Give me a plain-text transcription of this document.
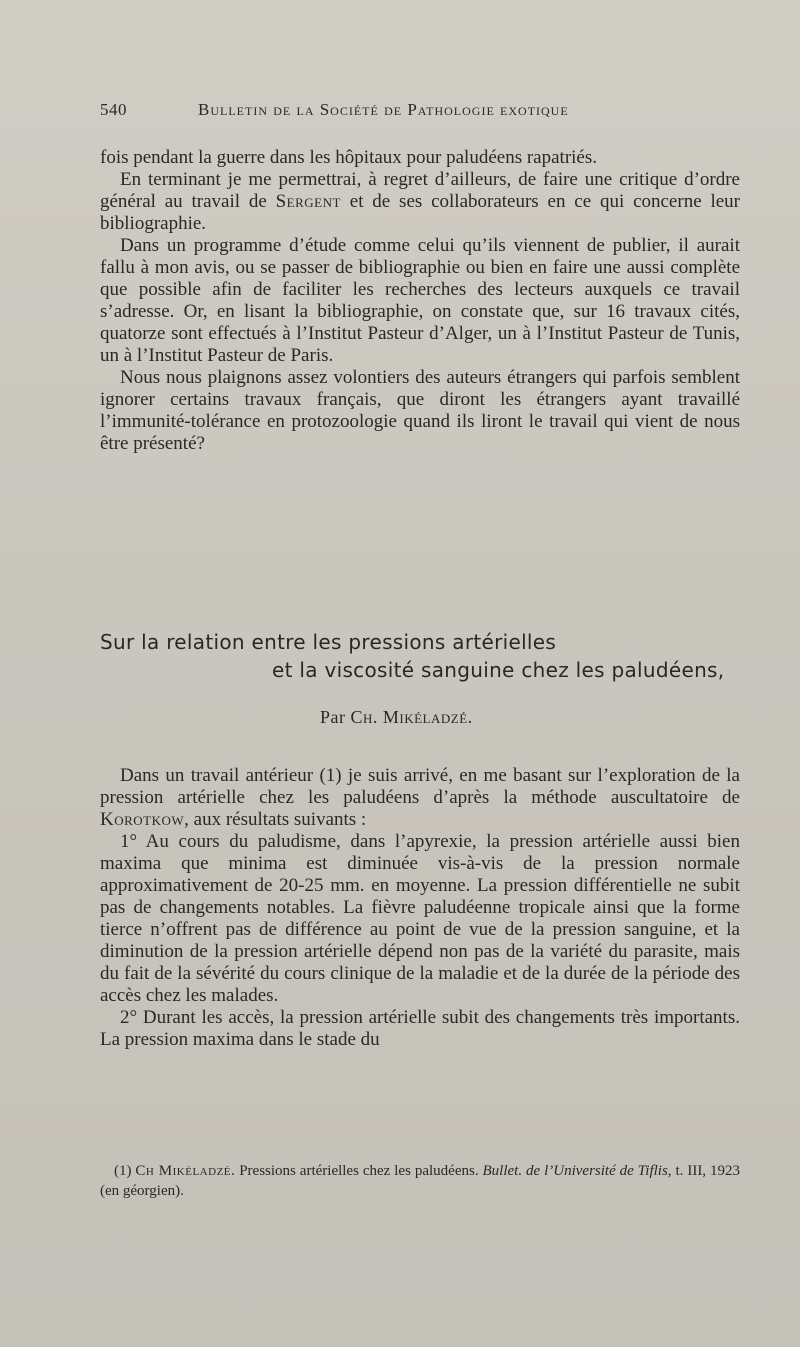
540	Bulletin de la Société de Pathologie exotique

fois pendant la guerre dans les hôpitaux pour paludéens rapatriés.

En terminant je me permettrai, à regret d’ailleurs, de faire une critique d’ordre général au travail de Sergent et de ses collaborateurs en ce qui concerne leur bibliographie.

Dans un programme d’étude comme celui qu’ils viennent de publier, il aurait fallu à mon avis, ou se passer de bibliographie ou bien en faire une aussi complète que possible afin de faciliter les recherches des lecteurs auxquels ce travail s’adresse. Or, en lisant la bibliographie, on constate que, sur 16 travaux cités, quatorze sont effectués à l’Institut Pasteur d’Alger, un à l’Institut Pasteur de Tunis, un à l’Institut Pasteur de Paris.

Nous nous plaignons assez volontiers des auteurs étrangers qui parfois semblent ignorer certains travaux français, que diront les étrangers ayant travaillé l’immunité-tolérance en protozoologie quand ils liront le travail qui vient de nous être présenté?

Sur la relation entre les pressions artérielles
et la viscosité sanguine chez les paludéens,
Par Ch. Mikéladzé.

Dans un travail antérieur (1) je suis arrivé, en me basant sur l’exploration de la pression artérielle chez les paludéens d’après la méthode auscultatoire de Korotkow, aux résultats suivants :

1° Au cours du paludisme, dans l’apyrexie, la pression artérielle aussi bien maxima que minima est diminuée vis-à-vis de la pression normale approximativement de 20-25 mm. en moyenne. La pression différentielle ne subit pas de changements notables. La fièvre paludéenne tropicale ainsi que la forme tierce n’offrent pas de différence au point de vue de la pression sanguine, et la diminution de la pression artérielle dépend non pas de la variété du parasite, mais du fait de la sévérité du cours clinique de la maladie et de la durée de la période des accès chez les malades.

2° Durant les accès, la pression artérielle subit des changements très importants. La pression maxima dans le stade du

(1) Ch Mikéladzé. Pressions artérielles chez les paludéens. Bullet. de l’Université de Tiflis, t. III, 1923 (en géorgien).
